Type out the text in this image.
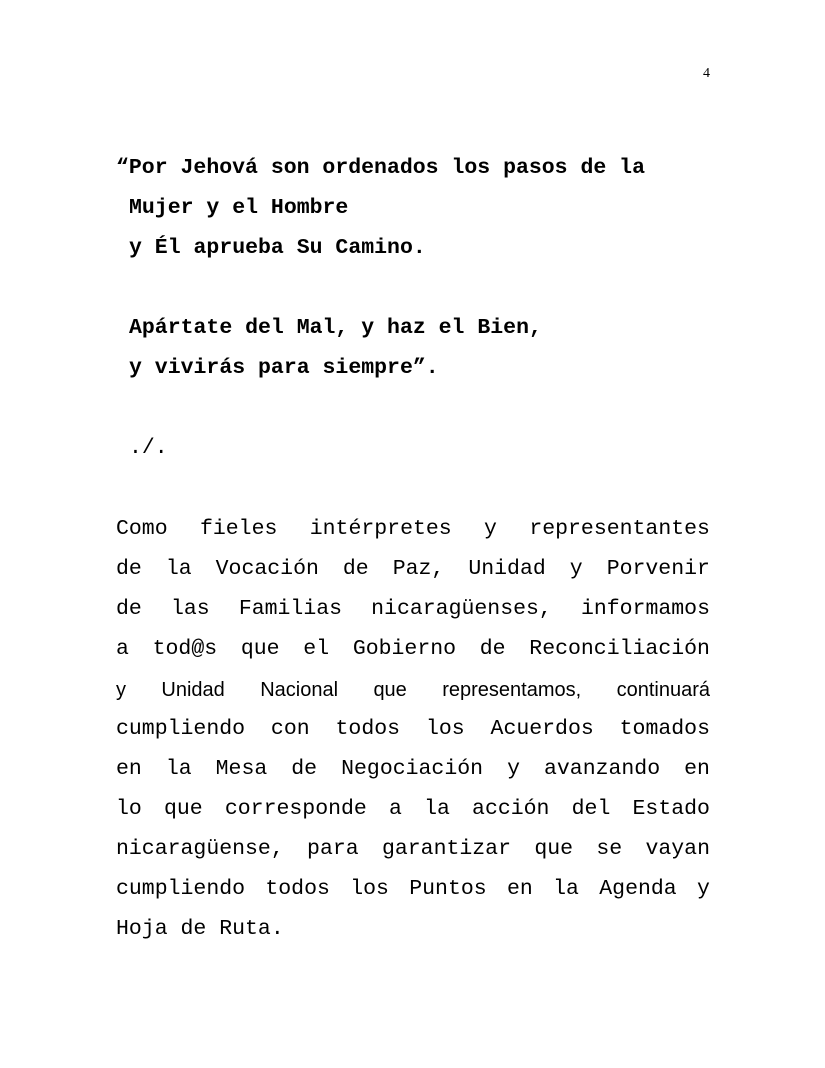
4
“Por Jehová son ordenados los pasos de la
Mujer y el Hombre
y Él aprueba Su Camino.
Apártate del Mal, y haz el Bien,
y vivirás para siempre”.
./.
Como fieles intérpretes y representantes
de la Vocación de Paz, Unidad y Porvenir
de las Familias nicaragüenses, informamos
a tod@s que el Gobierno de Reconciliación
y Unidad Nacional que representamos, continuará
cumpliendo con todos los Acuerdos tomados
en la Mesa de Negociación y avanzando en
lo que corresponde a la acción del Estado
nicaragüense, para garantizar que se vayan
cumpliendo todos los Puntos en la Agenda y
Hoja de Ruta.
